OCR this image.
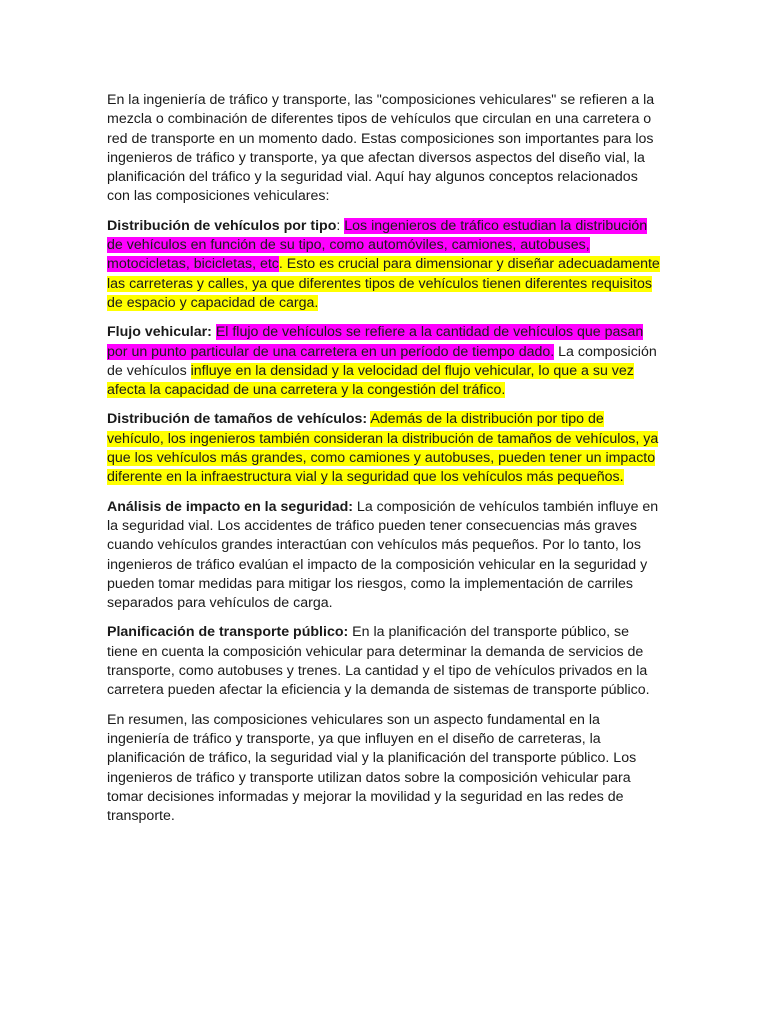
En la ingeniería de tráfico y transporte, las "composiciones vehiculares" se refieren a la mezcla o combinación de diferentes tipos de vehículos que circulan en una carretera o red de transporte en un momento dado. Estas composiciones son importantes para los ingenieros de tráfico y transporte, ya que afectan diversos aspectos del diseño vial, la planificación del tráfico y la seguridad vial. Aquí hay algunos conceptos relacionados con las composiciones vehiculares:

Distribución de vehículos por tipo: Los ingenieros de tráfico estudian la distribución de vehículos en función de su tipo, como automóviles, camiones, autobuses, motocicletas, bicicletas, etc. Esto es crucial para dimensionar y diseñar adecuadamente las carreteras y calles, ya que diferentes tipos de vehículos tienen diferentes requisitos de espacio y capacidad de carga.

Flujo vehicular: El flujo de vehículos se refiere a la cantidad de vehículos que pasan por un punto particular de una carretera en un período de tiempo dado. La composición de vehículos influye en la densidad y la velocidad del flujo vehicular, lo que a su vez afecta la capacidad de una carretera y la congestión del tráfico.

Distribución de tamaños de vehículos: Además de la distribución por tipo de vehículo, los ingenieros también consideran la distribución de tamaños de vehículos, ya que los vehículos más grandes, como camiones y autobuses, pueden tener un impacto diferente en la infraestructura vial y la seguridad que los vehículos más pequeños.

Análisis de impacto en la seguridad: La composición de vehículos también influye en la seguridad vial. Los accidentes de tráfico pueden tener consecuencias más graves cuando vehículos grandes interactúan con vehículos más pequeños. Por lo tanto, los ingenieros de tráfico evalúan el impacto de la composición vehicular en la seguridad y pueden tomar medidas para mitigar los riesgos, como la implementación de carriles separados para vehículos de carga.

Planificación de transporte público: En la planificación del transporte público, se tiene en cuenta la composición vehicular para determinar la demanda de servicios de transporte, como autobuses y trenes. La cantidad y el tipo de vehículos privados en la carretera pueden afectar la eficiencia y la demanda de sistemas de transporte público.

En resumen, las composiciones vehiculares son un aspecto fundamental en la ingeniería de tráfico y transporte, ya que influyen en el diseño de carreteras, la planificación de tráfico, la seguridad vial y la planificación del transporte público. Los ingenieros de tráfico y transporte utilizan datos sobre la composición vehicular para tomar decisiones informadas y mejorar la movilidad y la seguridad en las redes de transporte.
